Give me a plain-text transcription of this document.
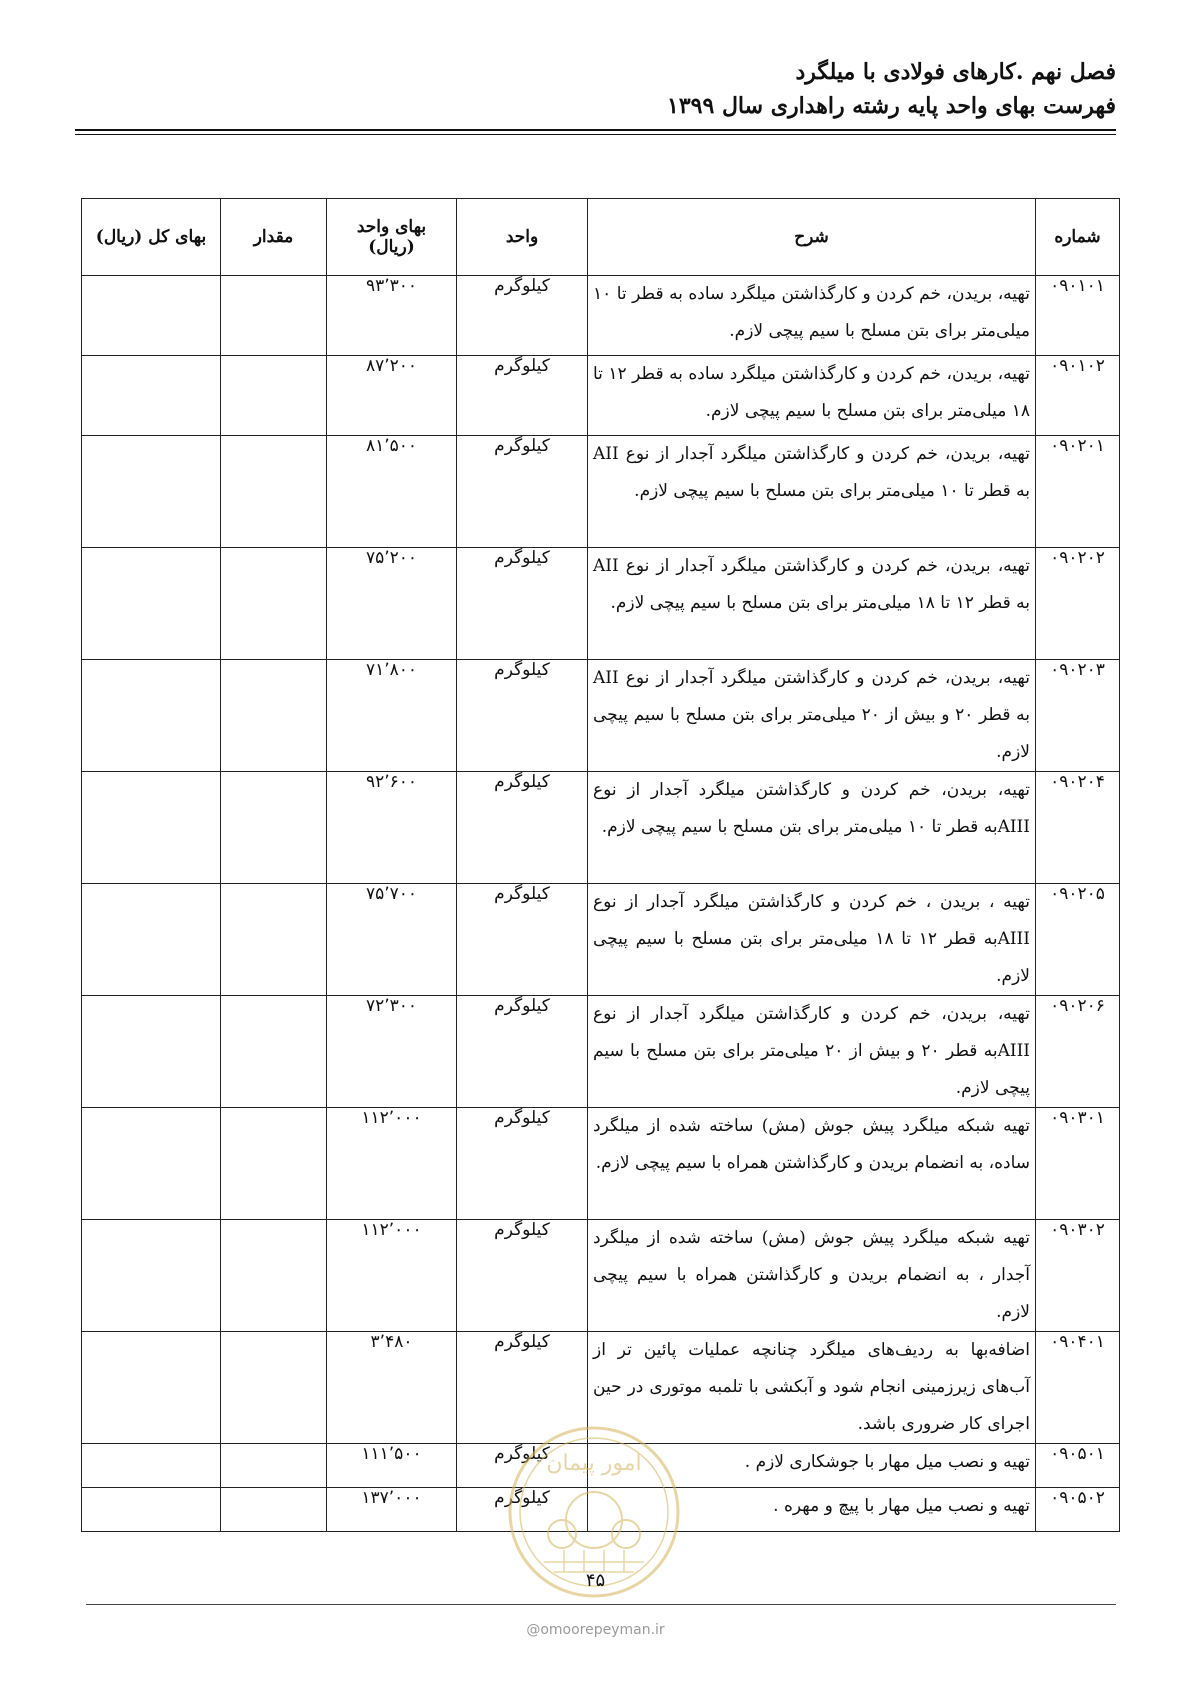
فصل نهم .کارهای فولادی با میلگرد
فهرست بهای واحد پایه رشته راهداری سال ۱۳۹۹
شماره	شرح	واحد	بهای واحد (ریال)	مقدار	بهای کل (ریال)
۰۹۰۱۰۱	تهیه، بریدن، خم کردن و کارگذاشتن میلگرد ساده به قطر تا ۱۰ میلی‌متر برای بتن مسلح با سیم پیچی لازم.	کیلوگرم	۹۳٬۳۰۰		
۰۹۰۱۰۲	تهیه، بریدن، خم کردن و کارگذاشتن میلگرد ساده به قطر ۱۲ تا ۱۸ میلی‌متر برای بتن مسلح با سیم پیچی لازم.	کیلوگرم	۸۷٬۲۰۰		
۰۹۰۲۰۱	تهیه، بریدن، خم کردن و کارگذاشتن میلگرد آجدار از نوع AII به قطر تا ۱۰ میلی‌متر برای بتن مسلح با سیم پیچی لازم.	کیلوگرم	۸۱٬۵۰۰		
۰۹۰۲۰۲	تهیه، بریدن، خم کردن و کارگذاشتن میلگرد آجدار از نوع AII به قطر ۱۲ تا ۱۸ میلی‌متر برای بتن مسلح با سیم پیچی لازم.	کیلوگرم	۷۵٬۲۰۰		
۰۹۰۲۰۳	تهیه، بریدن، خم کردن و کارگذاشتن میلگرد آجدار از نوع AII به قطر ۲۰ و بیش از ۲۰ میلی‌متر برای بتن مسلح با سیم پیچی لازم.	کیلوگرم	۷۱٬۸۰۰		
۰۹۰۲۰۴	تهیه، بریدن، خم کردن و کارگذاشتن میلگرد آجدار از نوع AIIIبه قطر تا ۱۰ میلی‌متر برای بتن مسلح با سیم پیچی لازم.	کیلوگرم	۹۲٬۶۰۰		
۰۹۰۲۰۵	تهیه ، بریدن ، خم کردن و کارگذاشتن میلگرد آجدار از نوع AIIIبه قطر ۱۲ تا ۱۸ میلی‌متر برای بتن مسلح با سیم پیچی لازم.	کیلوگرم	۷۵٬۷۰۰		
۰۹۰۲۰۶	تهیه، بریدن، خم کردن و کارگذاشتن میلگرد آجدار از نوع AIIIبه قطر ۲۰ و بیش از ۲۰ میلی‌متر برای بتن مسلح با سیم پیچی لازم.	کیلوگرم	۷۲٬۳۰۰		
۰۹۰۳۰۱	تهیه شبکه میلگرد پیش جوش (مش) ساخته شده از میلگرد ساده، به انضمام بریدن و کارگذاشتن همراه با سیم پیچی لازم.	کیلوگرم	۱۱۲٬۰۰۰		
۰۹۰۳۰۲	تهیه شبکه میلگرد پیش جوش (مش) ساخته شده از میلگرد آجدار ، به انضمام بریدن و کارگذاشتن همراه با سیم پیچی لازم.	کیلوگرم	۱۱۲٬۰۰۰		
۰۹۰۴۰۱	اضافه‌بها به ردیف‌های میلگرد چنانچه عملیات پائین تر از آب‌های زیرزمینی انجام شود و آبکشی با تلمبه موتوری در حین اجرای کار ضروری باشد.	کیلوگرم	۳٬۴۸۰		
۰۹۰۵۰۱	تهیه و نصب میل مهار با جوشکاری لازم .	کیلوگرم	۱۱۱٬۵۰۰		
۰۹۰۵۰۲	تهیه و نصب میل مهار با پیچ و مهره .	کیلوگرم	۱۳۷٬۰۰۰		
امور پیمان
۴۵
@omoorepeyman.ir
